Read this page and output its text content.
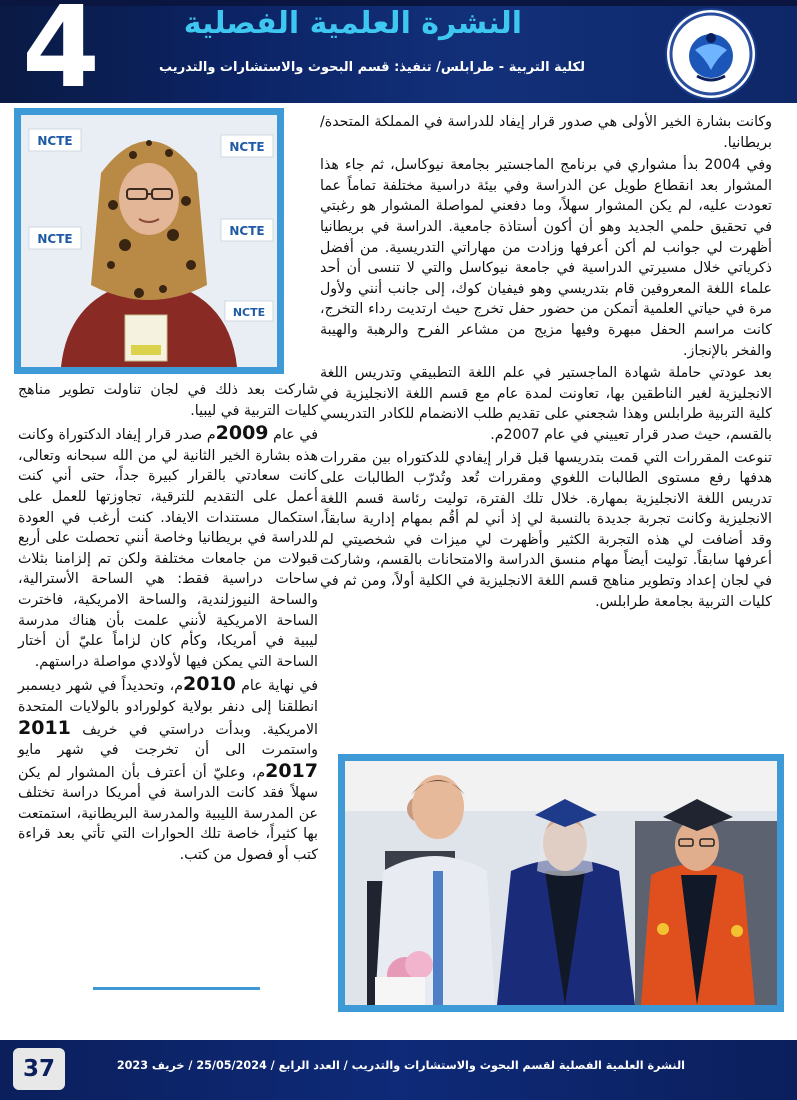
4	النشرة العلمية الفصلية
لكلية التربية - طرابلس/ تنفيذ: قسم البحوث والاستشارات والتدريب
NCTE
NCTE
NCTE
NCTE
NCTE

وكانت بشارة الخير الأولى هي صدور قرار إيفاد للدراسة في المملكة المتحدة/بريطانيا.

وفي 2004 بدأ مشواري في برنامج الماجستير بجامعة نيوكاسل، ثم جاء هذا المشوار بعد انقطاع طويل عن الدراسة وفي بيئة دراسية مختلفة تماماً عما تعودت عليه، لم يكن المشوار سهلاً، وما دفعني لمواصلة المشوار هو رغبتي في تحقيق حلمي الجديد وهو أن أكون أستاذة جامعية. الدراسة في بريطانيا أظهرت لي جوانب لم أكن أعرفها وزادت من مهاراتي التدريسية. من أفضل ذكرياتي خلال مسيرتي الدراسية في جامعة نيوكاسل والتي لا تنسى أن أحد علماء اللغة المعروفين قام بتدريسي وهو فيفيان كوك، إلى جانب أنني ولأول مرة في حياتي العلمية أتمكن من حضور حفل تخرج حيث ارتديت رداء التخرج، كانت مراسم الحفل مبهرة وفيها مزيج من مشاعر الفرح والرهبة والهيبة والفخر بالإنجاز.

بعد عودتي حاملة شهادة الماجستير في علم اللغة التطبيقي وتدريس اللغة الانجليزية لغير الناطقين بها، تعاونت لمدة عام مع قسم اللغة الانجليزية في كلية التربية طرابلس وهذا شجعني على تقديم طلب الانضمام للكادر التدريسي بالقسم، حيث صدر قرار تعييني في عام 2007م.

تنوعت المقررات التي قمت بتدريسها قبل قرار إيفادي للدكتوراه بين مقررات هدفها رفع مستوى الطالبات اللغوي ومقررات تُعد وتُدرّب الطالبات على تدريس اللغة الانجليزية بمهارة. خلال تلك الفترة، توليت رئاسة قسم اللغة الانجليزية وكانت تجربة جديدة بالنسبة لي إذ أني لم أقُم بمهام إدارية سابقاً، وقد أضافت لي هذه التجربة الكثير وأظهرت لي ميزات في شخصيتي لم أعرفها سابقاً. توليت أيضاً مهام منسق الدراسة والامتحانات بالقسم، وشاركت في لجان إعداد وتطوير مناهج قسم اللغة الانجليزية في الكلية أولاً، ومن ثم في كليات التربية بجامعة طرابلس.

شاركت بعد ذلك في لجان تناولت تطوير مناهج كليات التربية في ليبيا.

في عام 2009م صدر قرار إيفاد الدكتوراة وكانت هذه بشارة الخير الثانية لي من الله سبحانه وتعالى، كانت سعادتي بالقرار كبيرة جداً، حتى أني كنت أعمل على التقديم للترقية، تجاوزتها للعمل على استكمال مستندات الايفاد. كنت أرغب في العودة للدراسة في بريطانيا وخاصة أنني تحصلت على أربع قبولات من جامعات مختلفة ولكن تم إلزامنا بثلاث ساحات دراسية فقط: هي الساحة الأسترالية، والساحة النيوزلندية، والساحة الامريكية، فاخترت الساحة الامريكية لأنني علمت بأن هناك مدرسة ليبية في أمريكا، وكأم كان لزاماً عليّ أن أختار الساحة التي يمكن فيها لأولادي مواصلة دراستهم.

في نهاية عام 2010م، وتحديداً في شهر ديسمبر انطلقنا إلى دنفر بولاية كولورادو بالولايات المتحدة الامريكية. وبدأت دراستي في خريف 2011 واستمرت الى أن تخرجت في شهر مايو 2017م، وعليّ أن أعترف بأن المشوار لم يكن سهلاً فقد كانت الدراسة في أمريكا دراسة تختلف عن المدرسة الليبية والمدرسة البريطانية، استمتعت بها كثيراً، خاصة تلك الحوارات التي تأتي بعد قراءة كتب أو فصول من كتب.

37	النشرة العلمية الفصلية لقسم البحوث والاستشارات والتدريب / العدد الرابع / 25/05/2024 / خريف 2023
